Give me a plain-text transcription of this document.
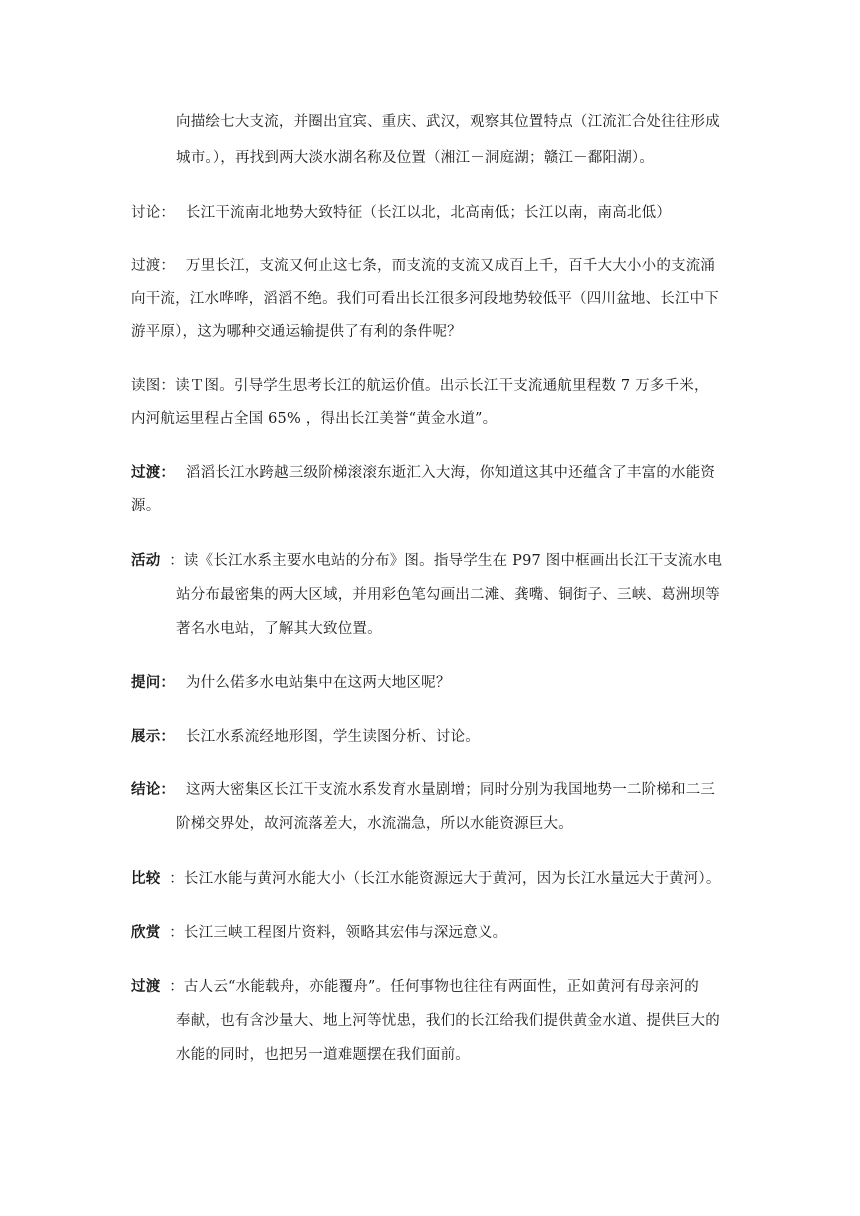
向描绘七大支流，并圈出宜宾、重庆、武汉，观察其位置特点（江流汇合处往往形成
城市。），再找到两大淡水湖名称及位置（湘江－洞庭湖；赣江－鄱阳湖）。
讨论： 长江干流南北地势大致特征（长江以北，北高南低；长江以南，南高北低）
过渡： 万里长江，支流又何止这七条，而支流的支流又成百上千，百千大大小小的支流涌
向干流，江水哗哗，滔滔不绝。我们可看出长江很多河段地势较低平（四川盆地、长江中下
游平原），这为哪种交通运输提供了有利的条件呢？
读图：读Ｔ图。引导学生思考长江的航运价值。出示长江干支流通航里程数 7 万多千米，
内河航运里程占全国 65% ，得出长江美誉“黄金水道”。
过渡： 滔滔长江水跨越三级阶梯滚滚东逝汇入大海，你知道这其中还蕴含了丰富的水能资
源。
活动 ：读《长江水系主要水电站的分布》图。指导学生在 P97 图中框画出长江干支流水电
站分布最密集的两大区域，并用彩色笔勾画出二滩、龚嘴、铜街子、三峡、葛洲坝等
著名水电站，了解其大致位置。
提问： 为什么偌多水电站集中在这两大地区呢？
展示： 长江水系流经地形图，学生读图分析、讨论。
结论： 这两大密集区长江干支流水系发育水量剧增；同时分别为我国地势一二阶梯和二三
阶梯交界处，故河流落差大，水流湍急，所以水能资源巨大。
比较 ：长江水能与黄河水能大小（长江水能资源远大于黄河，因为长江水量远大于黄河）。
欣赏 ：长江三峡工程图片资料，领略其宏伟与深远意义。
过渡 ：古人云“水能载舟，亦能覆舟”。任何事物也往往有两面性，正如黄河有母亲河的
奉献，也有含沙量大、地上河等忧患，我们的长江给我们提供黄金水道、提供巨大的
水能的同时，也把另一道难题摆在我们面前。
